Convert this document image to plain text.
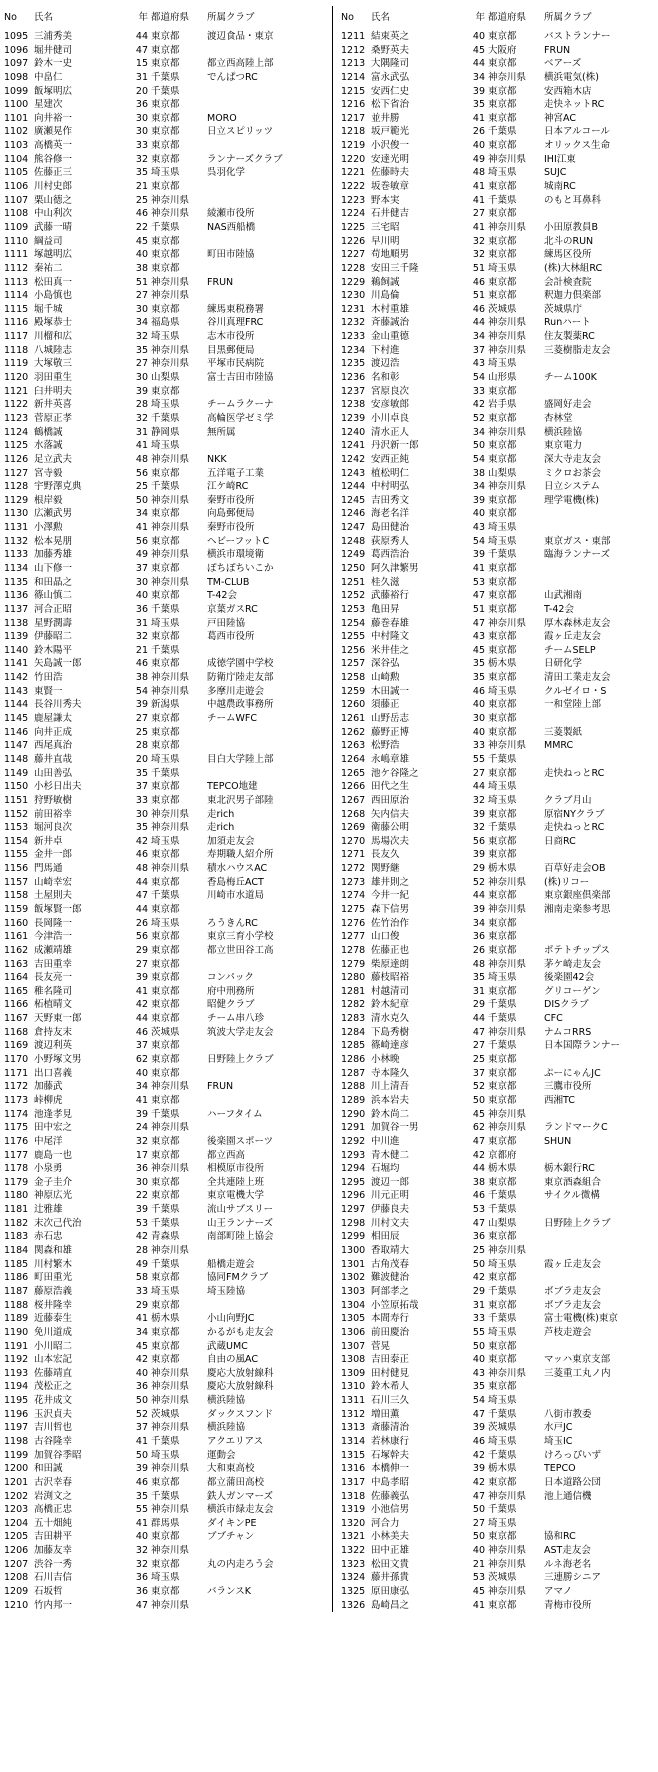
No	氏名	年 都道府県	所属クラブ
1095 三浦秀美	44 東京都	渡辺食品・東京
1096 堀井健司	47 東京都
1097 鈴木一史	15 東京都	都立西高陸上部
1098 中畠仁	31 千葉県	でんぱつRC
1099 飯塚明広	20 千葉県
1100 星建次	36 東京都
1101 向井裕一	30 東京都	MORO
1102 廣瀬晃作	30 東京都	日立スピリッツ
1103 高橋英一	33 東京都
1104 熊谷修一	32 東京都	ランナーズクラブ
1105 佐藤正三	35 埼玉県	呉羽化学
1106 川村史郎	21 東京都
1107 栗山德之	25 神奈川県
1108 中山利次	46 神奈川県	綾瀬市役所
1109 武藤一晴	22 千葉県	NAS西船橋
1110 綱益司	45 東京都
1111 塚越明広	40 東京都	町田市陸協
1112 秦祐二	38 東京都
1113 松田真一	51 神奈川県	FRUN
1114 小島慎也	27 神奈川県
1115 堀千城	30 東京都	練馬東税務署
1116 殿塚恭士	34 福島県	谷川真理FRC
1117 川榴和広	32 埼玉県	志木市役所
1118 八城陸志	35 神奈川県	目黒郵便局
1119 大塚敬三	27 神奈川県	平塚市民病院
1120 羽田重生	30 山梨県	富士吉田市陸協
1121 臼井明夫	39 東京都
1122 新井英喜	28 埼玉県	チームラクーナ
1123 菅原正孝	32 千葉県	高輪医学ゼミ学
1124 鶴橋誠	31 静岡県	無所属
1125 水落誠	41 埼玉県
1126 足立武夫	48 神奈川県	NKK
1127 宮寺毅	56 東京都	五洋電子工業
1128 宇野澤克典	25 千葉県	江ケ崎RC
1129 根岸毅	50 神奈川県	秦野市役所
1130 広瀬武男	34 東京都	向島郵便局
1131 小澤勲	41 神奈川県	秦野市役所
1132 松本晃朋	56 東京都	ヘビーフットC
1133 加藤秀雄	49 神奈川県	横浜市環境衛
1134 山下修一	37 東京都	ぽちぽちいこか
1135 和田晶之	30 神奈川県	TM-CLUB
1136 篠山慎二	40 東京都	T-42会
1137 河合正昭	36 千葉県	京葉ガスRC
1138 星野潤壽	31 埼玉県	戸田陸協
1139 伊藤昭二	32 東京都	葛西市役所
1140 鈴木陽平	21 千葉県
1141 矢島誠一郎	46 東京都	成徳学園中学校
1142 竹田浩	38 神奈川県	防衛庁陸走友部
1143 東賢一	54 神奈川県	多摩川走遊会
1144 長谷川秀夫	39 新潟県	中越農政事務所
1145 鹿屋謙太	27 東京都	チームWFC
1146 向井正成	25 東京都
1147 西尾真治	28 東京都
1148 藤井直哉	20 埼玉県	目白大学陸上部
1149 山田善弘	35 千葉県
1150 小杉日出夫	37 東京都	TEPCO地建
1151 狩野敏樹	33 東京都	東北沢男子部陸
1152 前田裕幸	30 神奈川県	走rich
1153 堀河良次	35 神奈川県	走rich
1154 新井卓	42 埼玉県	加須走友会
1155 金井一郎	46 東京都	寿期職人紹介所
1156 門馬通	48 神奈川県	積水ハウスAC
1157 山崎幸宏	44 東京都	香島梅丘ACT
1158 土屋則夫	47 千葉県	川崎市水道局
1159 飯塚賢一郎	44 東京都
1160 長岡隆一	26 埼玉県	ろうきんRC
1161 今津浩一	56 東京都	東京三育小学校
1162 成瀬靖雄	29 東京都	都立世田谷工高
1163 吉田重幸	27 東京都
1164 長友亮一	39 東京都	コンパック
1165 稚名隆司	41 東京都	府中刑務所
1166 柘植晴文	42 東京都	昭健クラブ
1167 天野東一郎	44 東京都	チーム串八珍
1168 倉持友末	46 茨城県	筑波大学走友会
1169 渡辺利英	37 東京都
1170 小野塚文男	62 東京都	日野陸上クラブ
1171 出口喜義	40 東京都
1172 加藤武	34 神奈川県	FRUN
1173 峠柳虎	41 東京都
1174 池逢孝見	39 千葉県	ハーフタイム
1175 田中宏之	24 神奈川県
1176 中尾洋	32 東京都	後楽園スポーツ
1177 鹿島一也	17 東京都	都立西高
1178 小泉勇	36 神奈川県	相模原市役所
1179 金子圭介	30 東京都	全共連陸上班
1180 神原広光	22 東京都	東京電機大学
1181 辻雅雄	39 千葉県	流山サブスリー
1182 末次己代治	53 千葉県	山王ランナーズ
1183 赤石忠	42 青森県	南部町陸上協会
1184 関森和雄	28 神奈川県
1185 川村繁木	49 千葉県	船橋走遊会
1186 町田重光	58 東京都	協同FMクラブ
1187 藤原浩義	33 埼玉県	埼玉陸協
1188 桜井隆幸	29 東京都
1189 近藤泰生	41 栃木県	小山向野JC
1190 免川道成	34 東京都	かるがも走友会
1191 小川昭二	45 東京都	武蔵UMC
1192 山本宏記	42 東京都	自由の風AC
1193 佐藤靖直	40 神奈川県	慶応大放射線科
1194 茂松正之	36 神奈川県	慶応大放射線科
1195 花井成文	50 神奈川県	横浜陸協
1196 玉沢貞夫	52 茨城県	ダックスフンド
1197 吉川哲也	37 神奈川県	横浜陸協
1198 古谷隆幸	41 千葉県	アクエリアス
1199 加賀谷季昭	50 埼玉県	運動会
1200 和田誠	39 神奈川県	大和東高校
1201 古沢幸春	46 東京都	都立蒲田高校
1202 岩渕文之	35 千葉県	鉄人ガンマーズ
1203 高橋正忠	55 神奈川県	横浜市緑走友会
1204 五十畑純	41 群馬県	ダイキンPE
1205 吉田耕平	40 東京都	ブブチャン
1206 加藤友幸	32 神奈川県
1207 渋谷一秀	32 東京都	丸の内走ろう会
1208 石川吉信	36 埼玉県
1209 石坂哲	36 東京都	バランスK
1210 竹内邦一	47 神奈川県
No	氏名	年 都道府県	所属クラブ
1211 結束英之	40 東京都	バストランナー
1212 桑野英夫	45 大阪府	FRUN
1213 大隅隆司	44 東京都	ベアーズ
1214 富永武弘	34 神奈川県	横浜電気(株)
1215 安西仁史	39 東京都	安西箱木店
1216 松下省治	35 東京都	走快ネットRC
1217 並井勝	41 東京都	神宮AC
1218 坂戸範光	26 千葉県	日本アルコール
1219 小沢俊一	40 東京都	オリックス生命
1220 安達光明	49 神奈川県	IHI江東
1221 佐藤時夫	48 埼玉県	SUJC
1222 坂巻敏章	41 東京都	城南RC
1223 野本実	41 千葉県	のもと耳鼻科
1224 石井健吉	27 東京都
1225 三宅昭	41 神奈川県	小田原教員B
1226 早川明	32 東京都	北斗のRUN
1227 苟地順男	32 東京都	練馬区役所
1228 安田三千隆	51 埼玉県	(株)大林組RC
1229 鵜飼誠	46 東京都	会計検査院
1230 川島倫	51 東京都	釈迦力倶楽部
1231 木村重雄	46 茨城県	茨城県庁
1232 斉藤誠治	44 神奈川県	Runハート
1233 金山重德	34 神奈川県	住友製薬RC
1234 下村進	37 神奈川県	三菱樹脂走友会
1235 渡辺浩	43 埼玉県
1236 名和彰	54 山形県	チーム100K
1237 宮原良次	33 東京都
1238 安彦敏郎	42 岩手県	盛岡好走会
1239 小川卓良	52 東京都	杏林堂
1240 清水正人	34 神奈川県	横浜陸協
1241 丹沢新一郎	50 東京都	東京電力
1242 安西正純	54 東京都	深大寺走友会
1243 植松明仁	38 山梨県	ミクロお茶会
1244 中村明弘	34 神奈川県	日立システム
1245 吉田秀文	39 東京都	理学電機(株)
1246 海老名洋	40 東京都
1247 島田健治	43 埼玉県
1248 荻原秀人	54 埼玉県	東京ガス・東部
1249 葛西浩治	39 千葉県	臨海ランナーズ
1250 阿久津繁男	41 東京都
1251 桂久滋	53 東京都
1252 武藤裕行	47 東京都	山武湘南
1253 亀田昇	51 東京都	T-42会
1254 藤巻春雄	47 神奈川県	厚木森林走友会
1255 中村隆文	43 東京都	霞ヶ丘走友会
1256 米井佳之	45 東京都	チームSELP
1257 深谷弘	35 栃木県	日研化学
1258 山崎勲	35 東京都	清田工業走友会
1259 木田誠一	46 埼玉県	クルゼイロ・S
1260 須藤正	40 東京都	一和堂陸上部
1261 山野岳志	30 東京都
1262 藤野正博	40 東京都	三菱製紙
1263 松野浩	33 神奈川県	MMRC
1264 永嶋章雄	55 千葉県
1265 池ケ谷隆之	27 東京都	走快ねっとRC
1266 田代之生	44 埼玉県
1267 西田原治	32 埼玉県	クラブ月山
1268 矢内信夫	39 東京都	原宿NYクラブ
1269 衛藤公明	32 千葉県	走快ねっとRC
1270 馬場次夫	56 東京都	日商RC
1271 長友久	39 東京都
1272 関野継	29 栃木県	百草好走会OB
1273 雄井則之	52 神奈川県	(株)リコー
1274 今井一紀	44 東京都	東京銀座倶楽部
1275 森下信男	39 神奈川県	湘南走楽参考思
1276 佐竹治作	34 東京都
1277 山口俊	36 東京都
1278 佐藤正也	26 東京都	ポテトチップス
1279 柴原達朗	48 神奈川県	茅ケ崎走友会
1280 藤枝昭裕	35 埼玉県	後楽園42会
1281 村越清司	31 東京都	グリコーゲン
1282 鈴木紀章	29 千葉県	DISクラブ
1283 清水克久	44 千葉県	CFC
1284 下島秀樹	47 神奈川県	ナムコRRS
1285 篠崎達彦	27 千葉県	日本国際ランナー
1286 小林晩	25 東京都
1287 寺本隆久	37 東京都	ぷーにゃんJC
1288 川上清吾	52 東京都	三鷹市役所
1289 浜本岩夫	50 東京都	西湘TC
1290 鈴木尚二	45 神奈川県
1291 加賀谷一男	62 神奈川県	ランドマークC
1292 中川進	47 東京都	SHUN
1293 青木健二	42 京都府
1294 石堀均	44 栃木県	栃木銀行RC
1295 渡辺一郎	38 東京都	東京酒森組合
1296 川元正明	46 千葉県	サイクル微構
1297 伊藤良夫	53 千葉県
1298 川村文夫	47 山梨県	日野陸上クラブ
1299 相田辰	36 東京都
1300 香取靖大	25 神奈川県
1301 古角茂春	50 埼玉県	霞ヶ丘走友会
1302 難波健治	42 東京都
1303 阿部孝之	29 千葉県	ボブラ走友会
1304 小笠原拓哉	31 東京都	ボブラ走友会
1305 本間寿行	33 千葉県	富士電機(株)東京
1306 前田慶治	55 埼玉県	芦枝走遊会
1307 菅晃	50 東京都
1308 吉田泰正	40 東京都	マッハ東京支部
1309 田村健見	43 神奈川県	三菱重工丸ノ内
1310 鈴木希人	35 東京都
1311 石川三久	54 埼玉県
1312 増田薫	47 千葉県	八街市教委
1313 斎藤清治	39 茨城県	水戸JC
1314 若林康行	46 埼玉県	埼玉IC
1315 石塚幹夫	42 千葉県	けろっぴいず
1316 本橋伸一	39 栃木県	TEPCO
1317 中島孝昭	42 東京都	日本道路公団
1318 佐藤義弘	47 神奈川県	池上通信機
1319 小池信男	50 千葉県
1320 河合力	27 埼玉県
1321 小林美夫	50 東京都	協和RC
1322 田中正雄	40 神奈川県	AST走友会
1323 松田文貴	21 神奈川県	ルネ海老名
1324 藤井孫貴	53 茨城県	三連勝シニア
1325 原田康弘	45 神奈川県	アマノ
1326 島崎昌之	41 東京都	青梅市役所
